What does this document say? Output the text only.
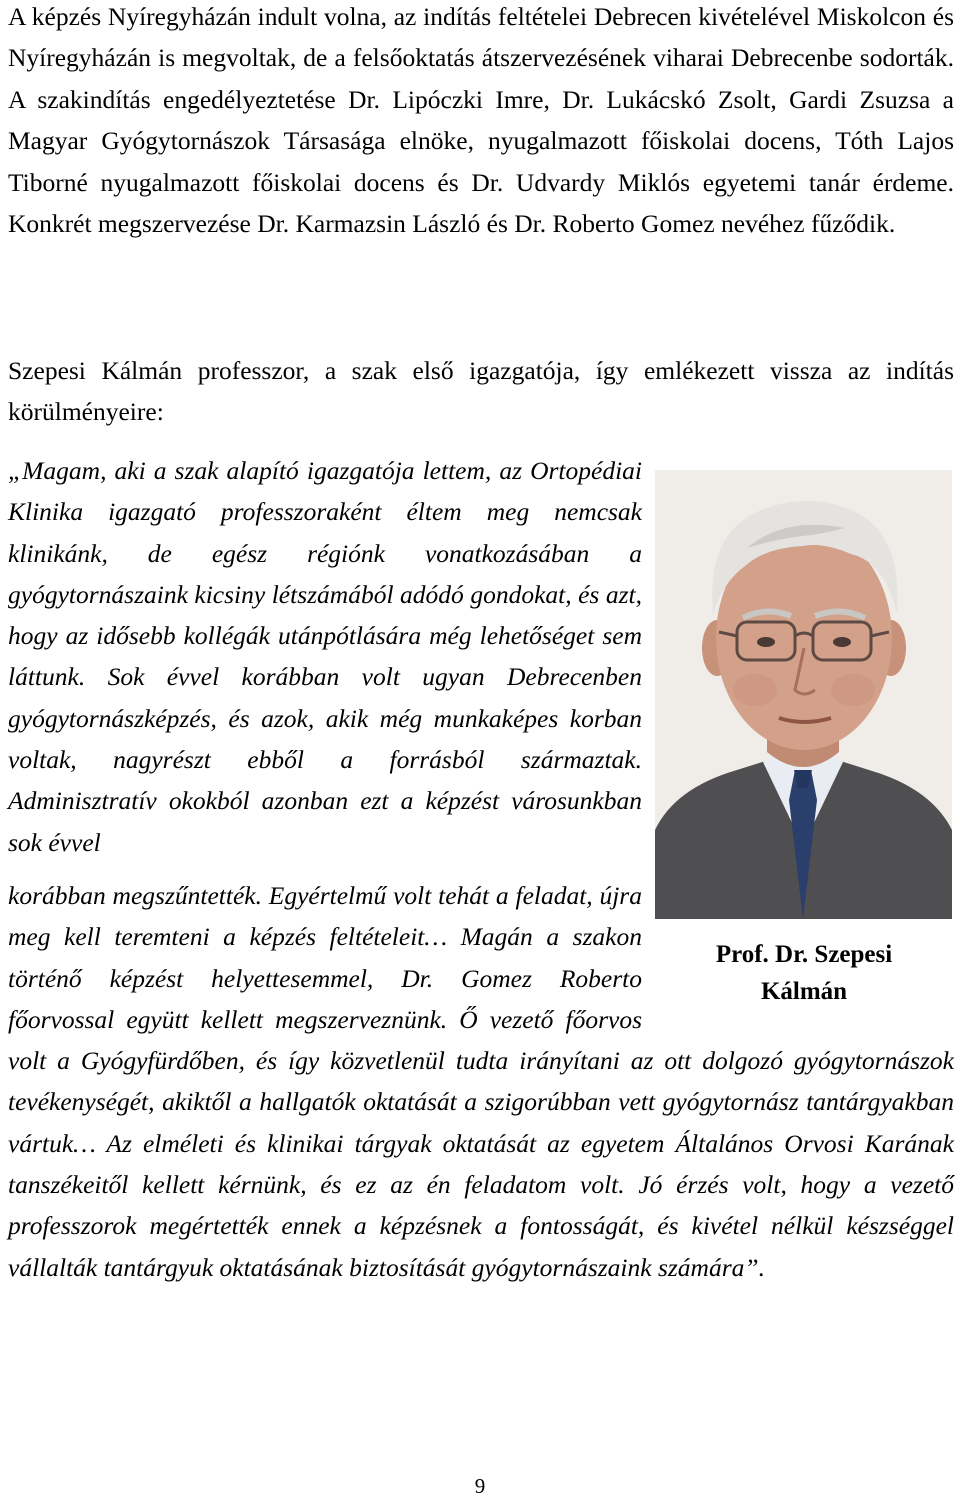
A képzés Nyíregyházán indult volna, az indítás feltételei Debrecen kivételével Miskolcon és Nyíregyházán is megvoltak, de a felsőoktatás átszervezésének viharai Debrecenbe sodorták. A szakindítás engedélyeztetése Dr. Lipóczki Imre, Dr. Lukácskó Zsolt, Gardi Zsuzsa a Magyar Gyógytornászok Társasága elnöke, nyugalmazott főiskolai docens, Tóth Lajos Tiborné nyugalmazott főiskolai docens és Dr. Udvardy Miklós egyetemi tanár érdeme. Konkrét megszervezése Dr. Karmazsin László és Dr. Roberto Gomez nevéhez fűződik.

Szepesi Kálmán professzor, a szak első igazgatója, így emlékezett vissza az indítás körülményeire:

„Magam, aki a szak alapító igazgatója lettem, az Ortopédiai Klinika igazgató professzoraként éltem meg nemcsak klinikánk, de egész régiónk vonatkozásában a gyógytornászaink kicsiny létszámából adódó gondokat, és azt, hogy az idősebb kollégák utánpótlására még lehetőséget sem láttunk. Sok évvel korábban volt ugyan Debrecenben gyógytornászképzés, és azok, akik még munkaképes korban voltak, nagyrészt ebből a forrásból származtak. Adminisztratív okokból azonban ezt a képzést városunkban sok évvel
korábban megszűntették. Egyértelmű volt tehát a feladat, újra meg kell teremteni a képzés feltételeit… Magán a szakon történő képzést helyettesemmel, Dr. Gomez Roberto főorvossal együtt kellett megszerveznünk. Ő vezető főorvos volt a Gyógyfürdőben, és így közvetlenül tudta irányítani az ott dolgozó gyógytornászok tevékenységét, akiktől a hallgatók oktatását a szigorúbban vett gyógytornász tantárgyakban vártuk… Az elméleti és klinikai tárgyak oktatását az egyetem Általános Orvosi Karának tanszékeitől kellett kérnünk, és ez az én feladatom volt. Jó érzés volt, hogy a vezető professzorok megértették ennek a képzésnek a fontosságát, és kivétel nélkül készséggel vállalták tantárgyuk oktatásának biztosítását gyógytornászaink számára”.
Prof. Dr. Szepesi
Kálmán
9
